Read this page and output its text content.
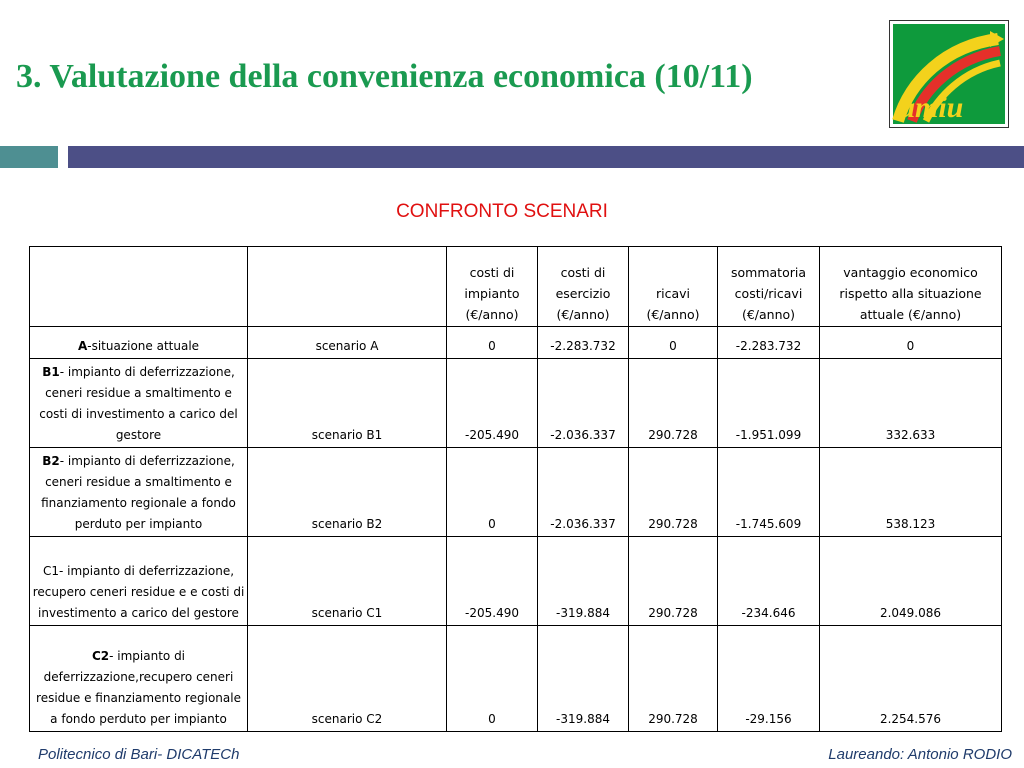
3. Valutazione della convenienza economica (10/11)
amiu
CONFRONTO SCENARI
		costi di impianto (€/anno)	costi di esercizio (€/anno)	ricavi (€/anno)	sommatoria costi/ricavi (€/anno)	vantaggio economico rispetto alla situazione attuale (€/anno)
A-situazione attuale	scenario A	0	-2.283.732	0	-2.283.732	0
B1- impianto di deferrizzazione, ceneri residue a smaltimento e costi di investimento a carico del gestore	scenario B1	-205.490	-2.036.337	290.728	-1.951.099	332.633
B2- impianto di deferrizzazione, ceneri residue a smaltimento e finanziamento regionale a fondo perduto per impianto	scenario B2	0	-2.036.337	290.728	-1.745.609	538.123
C1- impianto di deferrizzazione, recupero ceneri residue e e costi di investimento a carico del gestore	scenario C1	-205.490	-319.884	290.728	-234.646	2.049.086
C2- impianto di deferrizzazione,recupero ceneri residue e finanziamento regionale a fondo perduto per impianto	scenario C2	0	-319.884	290.728	-29.156	2.254.576
Politecnico di Bari- DICATECh	Laureando: Antonio RODIO
